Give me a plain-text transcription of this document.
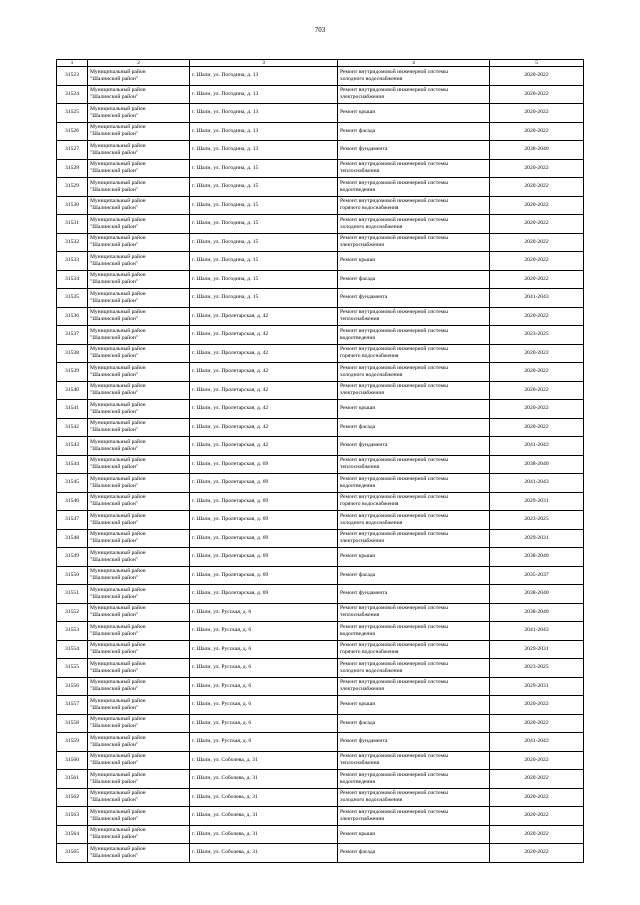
703
1	2	3	4	5
31523	Муниципальный район
"Шалинский район"	г. Шали, ул. Погодина, д. 13	Ремонт внутридомовой инженерной системы
холодного водоснабжения	2020-2022
31524	Муниципальный район
"Шалинский район"	г. Шали, ул. Погодина, д. 13	Ремонт внутридомовой инженерной системы
электроснабжения	2020-2022
31525	Муниципальный район
"Шалинский район"	г. Шали, ул. Погодина, д. 13	Ремонт крыши	2020-2022
31526	Муниципальный район
"Шалинский район"	г. Шали, ул. Погодина, д. 13	Ремонт фасада	2020-2022
31527	Муниципальный район
"Шалинский район"	г. Шали, ул. Погодина, д. 13	Ремонт фундамента	2038-2040
31528	Муниципальный район
"Шалинский район"	г. Шали, ул. Погодина, д. 15	Ремонт внутридомовой инженерной системы
теплоснабжения	2020-2022
31529	Муниципальный район
"Шалинский район"	г. Шали, ул. Погодина, д. 15	Ремонт внутридомовой инженерной системы
водоотведения	2020-2022
31530	Муниципальный район
"Шалинский район"	г. Шали, ул. Погодина, д. 15	Ремонт внутридомовой инженерной системы
горячего водоснабжения	2020-2022
31531	Муниципальный район
"Шалинский район"	г. Шали, ул. Погодина, д. 15	Ремонт внутридомовой инженерной системы
холодного водоснабжения	2020-2022
31532	Муниципальный район
"Шалинский район"	г. Шали, ул. Погодина, д. 15	Ремонт внутридомовой инженерной системы
электроснабжения	2020-2022
31533	Муниципальный район
"Шалинский район"	г. Шали, ул. Погодина, д. 15	Ремонт крыши	2020-2022
31534	Муниципальный район
"Шалинский район"	г. Шали, ул. Погодина, д. 15	Ремонт фасада	2020-2022
31535	Муниципальный район
"Шалинский район"	г. Шали, ул. Погодина, д. 15	Ремонт фундамента	2041-2043
31536	Муниципальный район
"Шалинский район"	г. Шали, ул. Пролетарская, д. 42	Ремонт внутридомовой инженерной системы
теплоснабжения	2020-2022
31537	Муниципальный район
"Шалинский район"	г. Шали, ул. Пролетарская, д. 42	Ремонт внутридомовой инженерной системы
водоотведения	2023-2025
31538	Муниципальный район
"Шалинский район"	г. Шали, ул. Пролетарская, д. 42	Ремонт внутридомовой инженерной системы
горячего водоснабжения	2020-2022
31539	Муниципальный район
"Шалинский район"	г. Шали, ул. Пролетарская, д. 42	Ремонт внутридомовой инженерной системы
холодного водоснабжения	2020-2022
31540	Муниципальный район
"Шалинский район"	г. Шали, ул. Пролетарская, д. 42	Ремонт внутридомовой инженерной системы
электроснабжения	2020-2022
31541	Муниципальный район
"Шалинский район"	г. Шали, ул. Пролетарская, д. 42	Ремонт крыши	2020-2022
31542	Муниципальный район
"Шалинский район"	г. Шали, ул. Пролетарская, д. 42	Ремонт фасада	2020-2022
31543	Муниципальный район
"Шалинский район"	г. Шали, ул. Пролетарская, д. 42	Ремонт фундамента	2041-2043
31544	Муниципальный район
"Шалинский район"	г. Шали, ул. Пролетарская, д. 69	Ремонт внутридомовой инженерной системы
теплоснабжения	2038-2040
31545	Муниципальный район
"Шалинский район"	г. Шали, ул. Пролетарская, д. 69	Ремонт внутридомовой инженерной системы
водоотведения	2041-2043
31546	Муниципальный район
"Шалинский район"	г. Шали, ул. Пролетарская, д. 69	Ремонт внутридомовой инженерной системы
горячего водоснабжения	2029-2031
31547	Муниципальный район
"Шалинский район"	г. Шали, ул. Пролетарская, д. 69	Ремонт внутридомовой инженерной системы
холодного водоснабжения	2023-2025
31548	Муниципальный район
"Шалинский район"	г. Шали, ул. Пролетарская, д. 69	Ремонт внутридомовой инженерной системы
электроснабжения	2029-2031
31549	Муниципальный район
"Шалинский район"	г. Шали, ул. Пролетарская, д. 69	Ремонт крыши	2038-2040
31550	Муниципальный район
"Шалинский район"	г. Шали, ул. Пролетарская, д. 69	Ремонт фасада	2035-2037
31551	Муниципальный район
"Шалинский район"	г. Шали, ул. Пролетарская, д. 69	Ремонт фундамента	2038-2040
31552	Муниципальный район
"Шалинский район"	г. Шали, ул. Русская, д. 6	Ремонт внутридомовой инженерной системы
теплоснабжения	2038-2040
31553	Муниципальный район
"Шалинский район"	г. Шали, ул. Русская, д. 6	Ремонт внутридомовой инженерной системы
водоотведения	2041-2043
31554	Муниципальный район
"Шалинский район"	г. Шали, ул. Русская, д. 6	Ремонт внутридомовой инженерной системы
горячего водоснабжения	2029-2031
31555	Муниципальный район
"Шалинский район"	г. Шали, ул. Русская, д. 6	Ремонт внутридомовой инженерной системы
холодного водоснабжения	2023-2025
31556	Муниципальный район
"Шалинский район"	г. Шали, ул. Русская, д. 6	Ремонт внутридомовой инженерной системы
электроснабжения	2029-2031
31557	Муниципальный район
"Шалинский район"	г. Шали, ул. Русская, д. 6	Ремонт крыши	2020-2022
31558	Муниципальный район
"Шалинский район"	г. Шали, ул. Русская, д. 6	Ремонт фасада	2020-2022
31559	Муниципальный район
"Шалинский район"	г. Шали, ул. Русская, д. 6	Ремонт фундамента	2041-2043
31560	Муниципальный район
"Шалинский район"	г. Шали, ул. Соболева, д. 31	Ремонт внутридомовой инженерной системы
теплоснабжения	2020-2022
31561	Муниципальный район
"Шалинский район"	г. Шали, ул. Соболева, д. 31	Ремонт внутридомовой инженерной системы
водоотведения	2020-2022
31562	Муниципальный район
"Шалинский район"	г. Шали, ул. Соболева, д. 31	Ремонт внутридомовой инженерной системы
холодного водоснабжения	2020-2022
31563	Муниципальный район
"Шалинский район"	г. Шали, ул. Соболева, д. 31	Ремонт внутридомовой инженерной системы
электроснабжения	2020-2022
31564	Муниципальный район
"Шалинский район"	г. Шали, ул. Соболева, д. 31	Ремонт крыши	2020-2022
31565	Муниципальный район
"Шалинский район"	г. Шали, ул. Соболева, д. 31	Ремонт фасада	2020-2022
